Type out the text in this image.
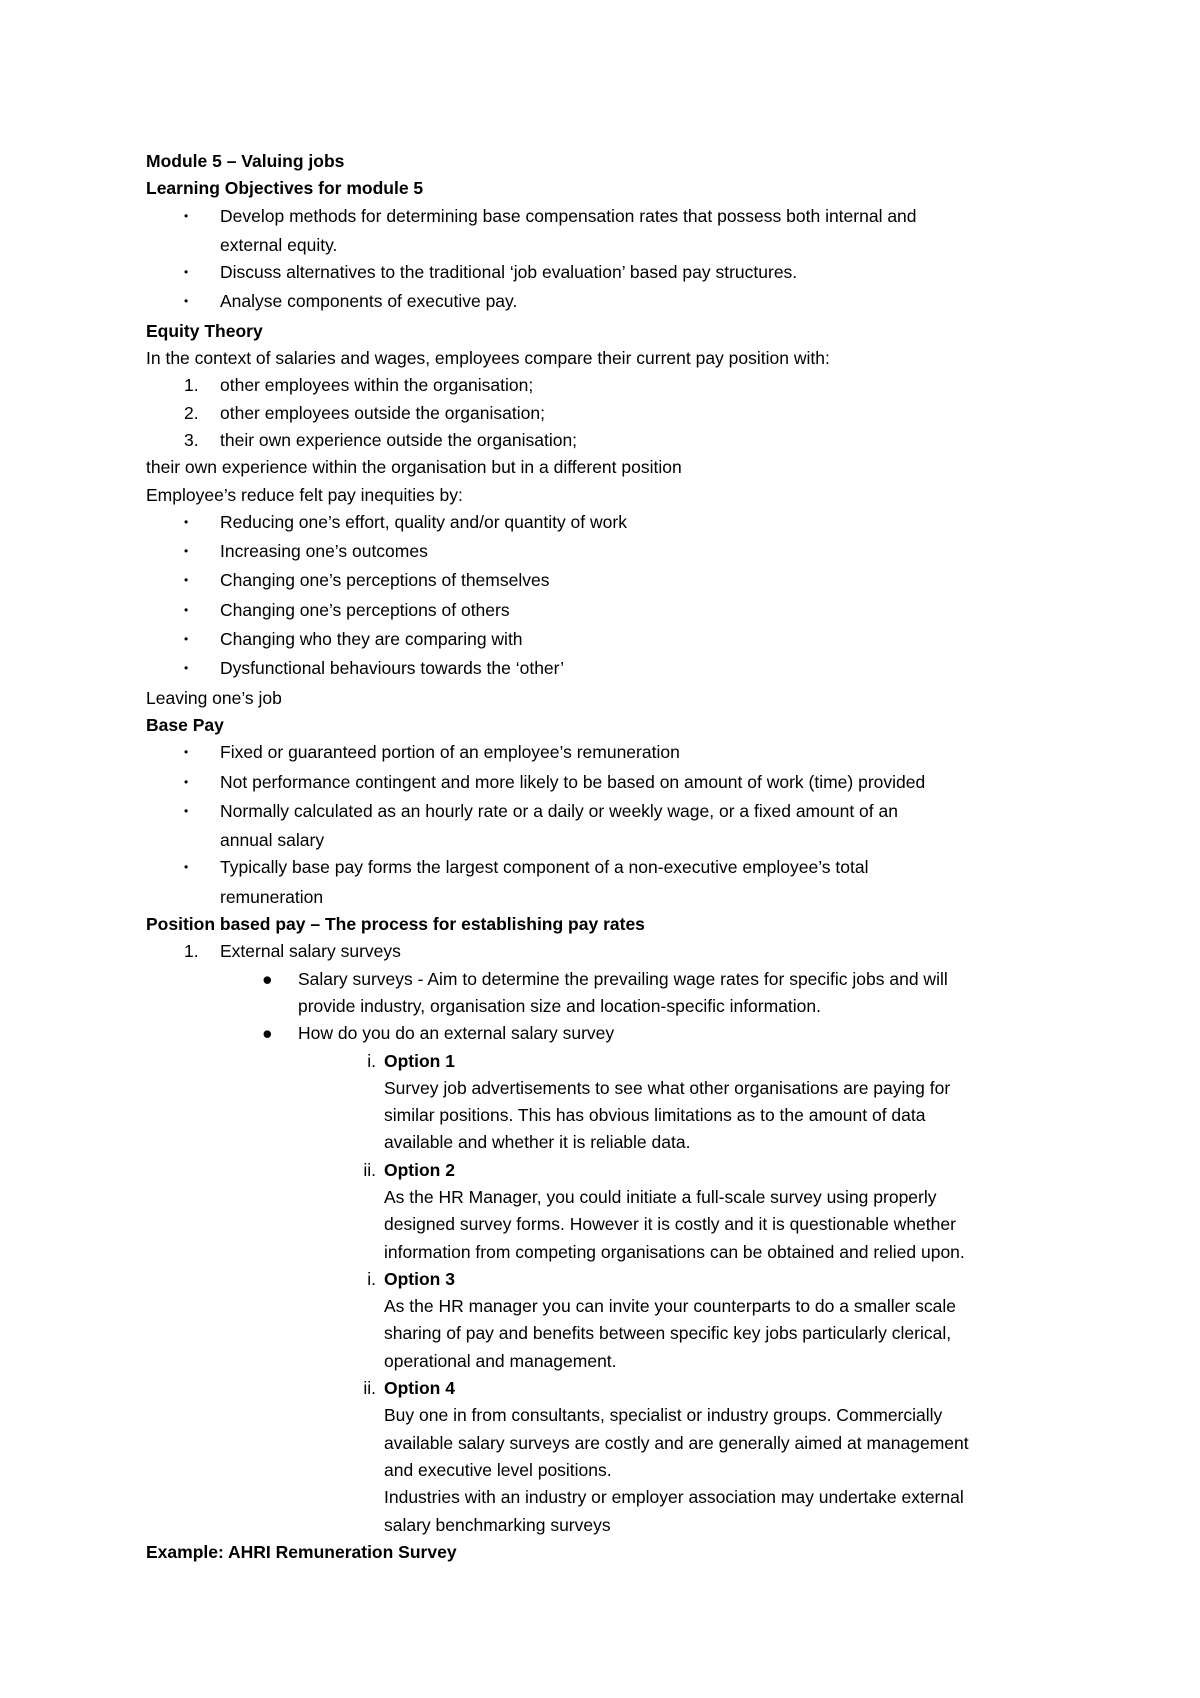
Module 5 – Valuing jobs
Learning Objectives for module 5
•	Develop methods for determining base compensation rates that possess both internal and
external equity.
•	Discuss alternatives to the traditional ‘job evaluation’ based pay structures.
•	Analyse components of executive pay.
Equity Theory
In the context of salaries and wages, employees compare their current pay position with:
1.	other employees within the organisation;
2.	other employees outside the organisation;
3.	their own experience outside the organisation;
their own experience within the organisation but in a different position
Employee’s reduce felt pay inequities by:
•	Reducing one’s effort, quality and/or quantity of work
•	Increasing one’s outcomes
•	Changing one’s perceptions of themselves
•	Changing one’s perceptions of others
•	Changing who they are comparing with
•	Dysfunctional behaviours towards the ‘other’
Leaving one’s job
Base Pay
•	Fixed or guaranteed portion of an employee’s remuneration
•	Not performance contingent and more likely to be based on amount of work (time) provided
•	Normally calculated as an hourly rate or a daily or weekly wage, or a fixed amount of an
annual salary
•	Typically base pay forms the largest component of a non-executive employee’s total
remuneration
Position based pay – The process for establishing pay rates
1.	External salary surveys
●	Salary surveys - Aim to determine the prevailing wage rates for specific jobs and will
provide industry, organisation size and location-specific information.
●	How do you do an external salary survey
i. Option 1
Survey job advertisements to see what other organisations are paying for
similar positions. This has obvious limitations as to the amount of data
available and whether it is reliable data.
ii. Option 2
As the HR Manager, you could initiate a full-scale survey using properly
designed survey forms. However it is costly and it is questionable whether
information from competing organisations can be obtained and relied upon.
i. Option 3
As the HR manager you can invite your counterparts to do a smaller scale
sharing of pay and benefits between specific key jobs particularly clerical,
operational and management.
ii. Option 4
Buy one in from consultants, specialist or industry groups. Commercially
available salary surveys are costly and are generally aimed at management
and executive level positions.
Industries with an industry or employer association may undertake external
salary benchmarking surveys
Example: AHRI Remuneration Survey
